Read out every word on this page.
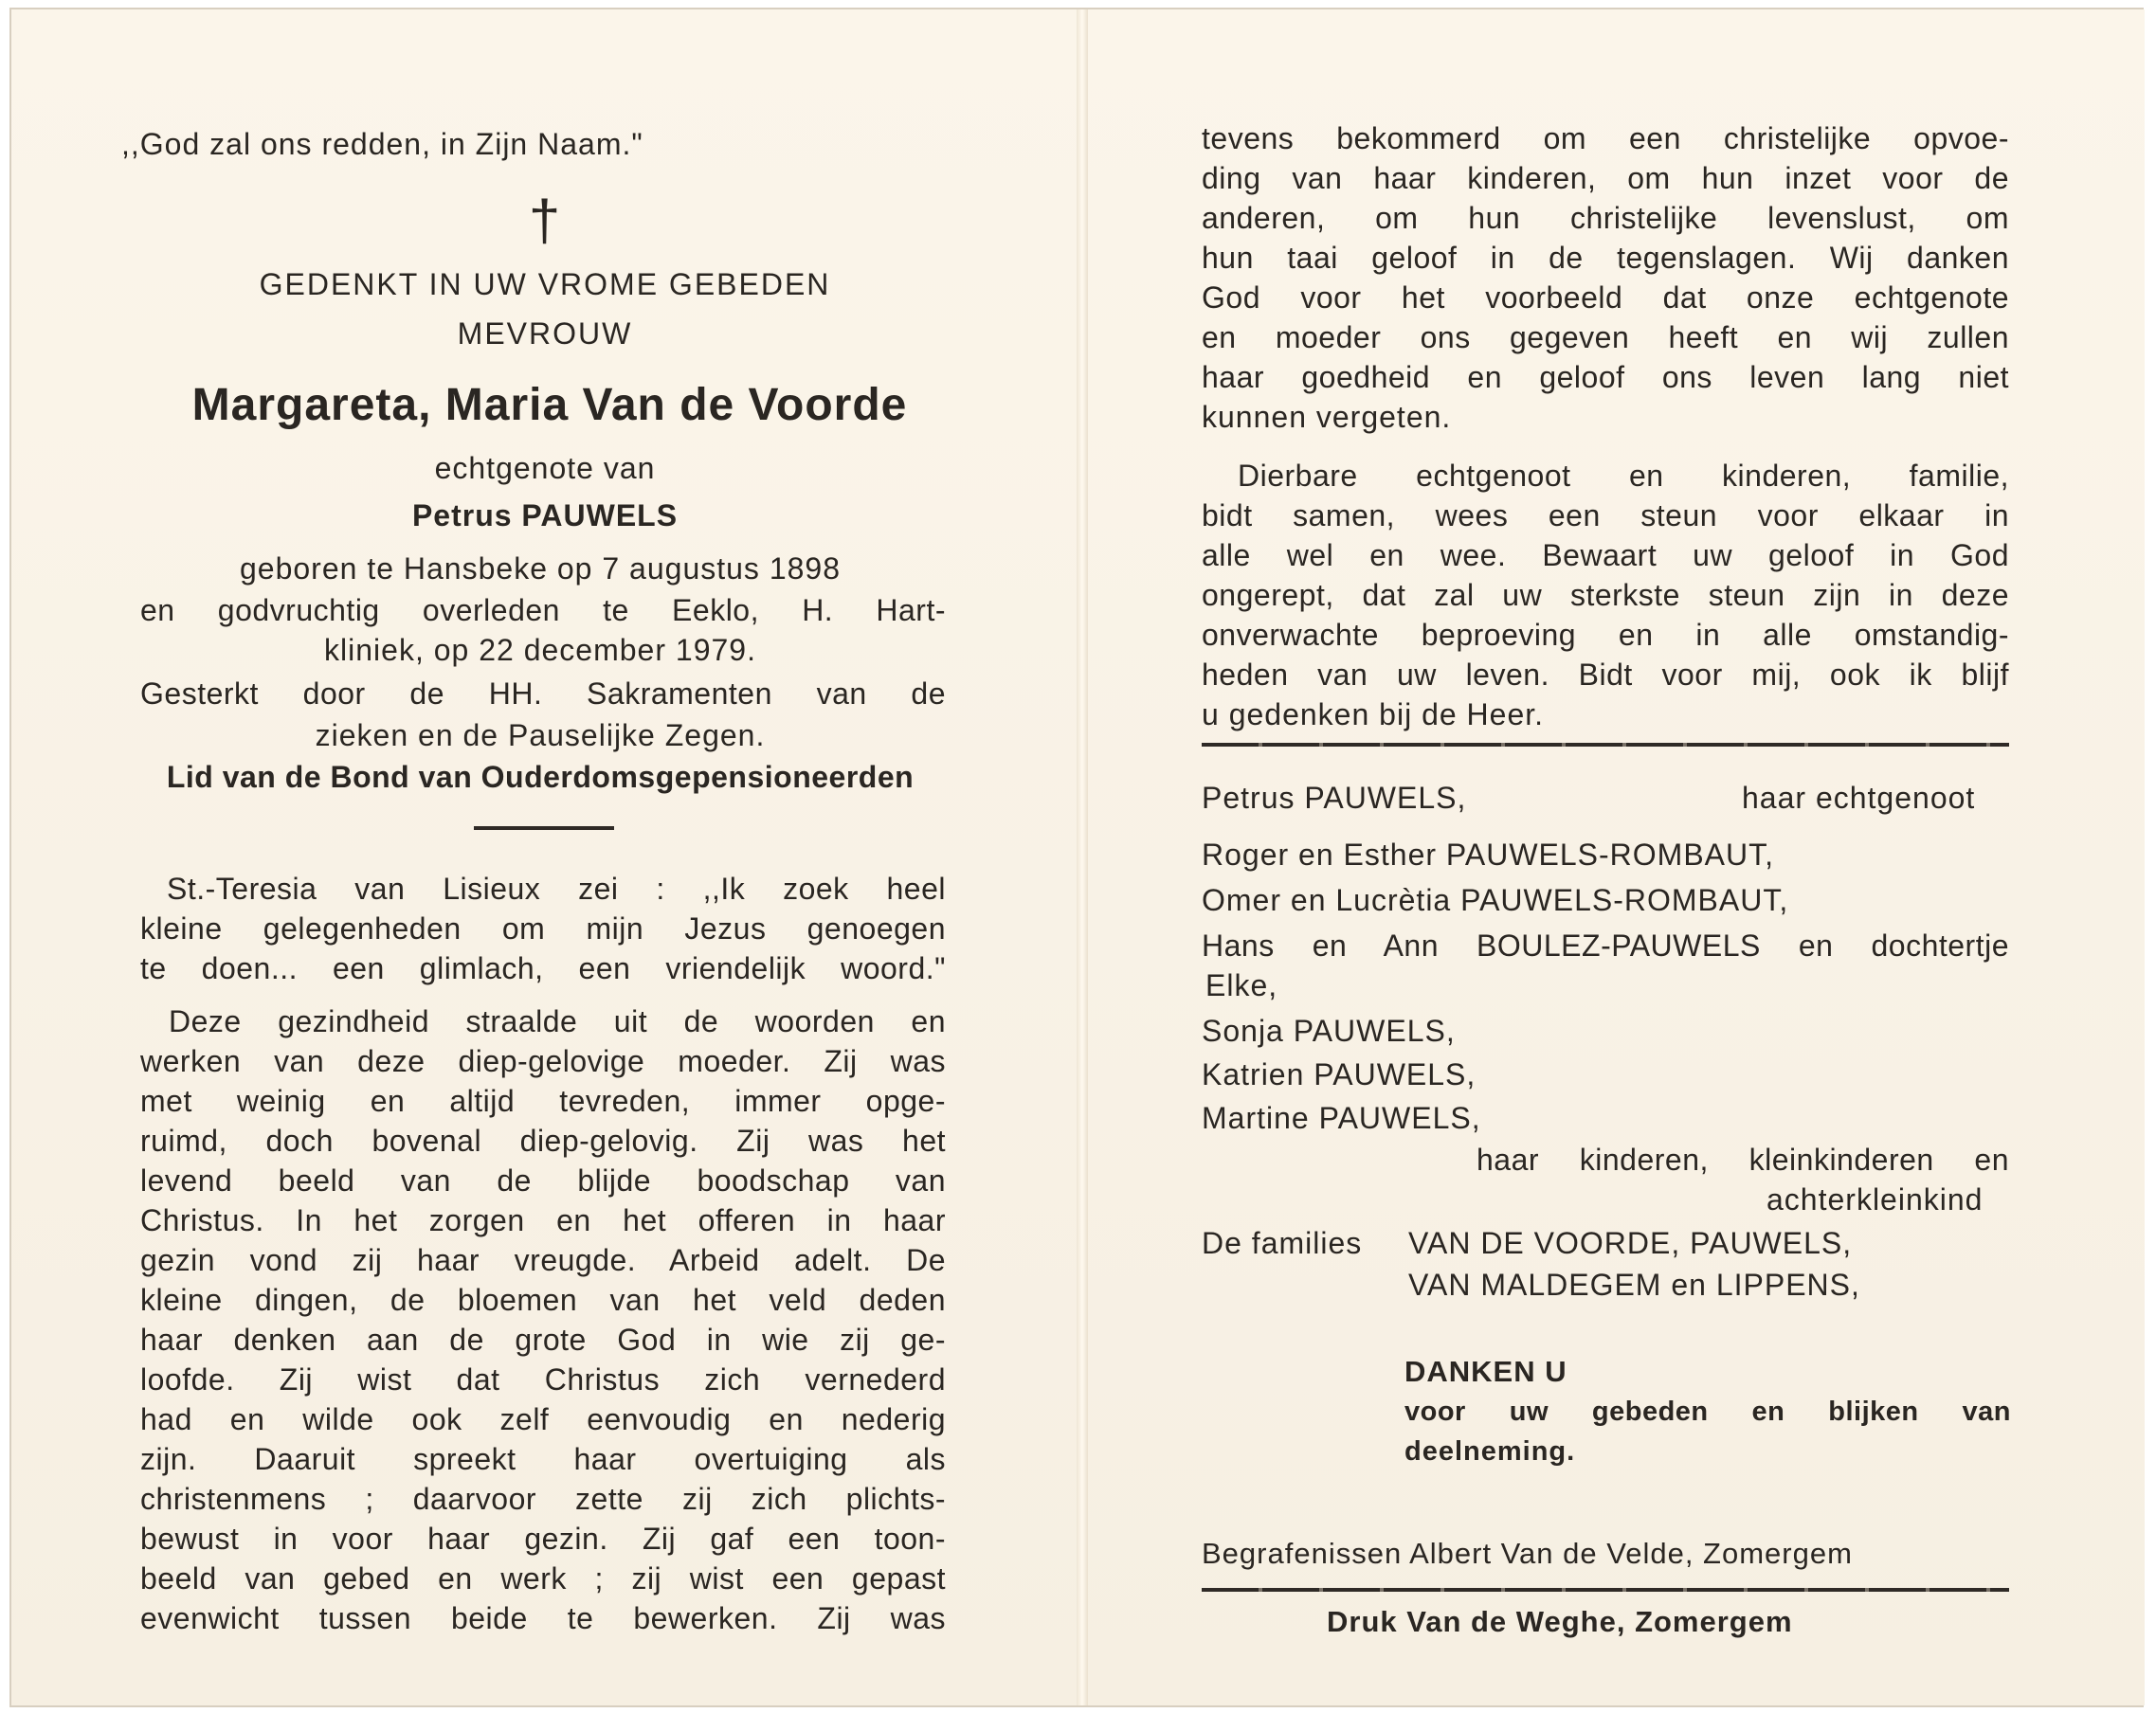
,,God zal ons redden, in Zijn Naam."
†
GEDENKT IN UW VROME GEBEDEN
MEVROUW
Margareta, Maria Van de Voorde
echtgenote van
Petrus PAUWELS
geboren te Hansbeke op 7 augustus 1898
en godvruchtig overleden te Eeklo, H. Hart-
kliniek, op 22 december 1979.
Gesterkt door de HH. Sakramenten van de
zieken en de Pauselijke Zegen.
Lid van de Bond van Ouderdomsgepensioneerden
St.-Teresia van Lisieux zei : ,,Ik zoek heel
kleine gelegenheden om mijn Jezus genoegen
te doen... een glimlach, een vriendelijk woord."
Deze gezindheid straalde uit de woorden en
werken van deze diep-gelovige moeder. Zij was
met weinig en altijd tevreden, immer opge-
ruimd, doch bovenal diep-gelovig. Zij was het
levend beeld van de blijde boodschap van
Christus. In het zorgen en het offeren in haar
gezin vond zij haar vreugde. Arbeid adelt. De
kleine dingen, de bloemen van het veld deden
haar denken aan de grote God in wie zij ge-
loofde. Zij wist dat Christus zich vernederd
had en wilde ook zelf eenvoudig en nederig
zijn. Daaruit spreekt haar overtuiging als
christenmens ; daarvoor zette zij zich plichts-
bewust in voor haar gezin. Zij gaf een toon-
beeld van gebed en werk ; zij wist een gepast
evenwicht tussen beide te bewerken. Zij was
tevens bekommerd om een christelijke opvoe-
ding van haar kinderen, om hun inzet voor de
anderen, om hun christelijke levenslust, om
hun taai geloof in de tegenslagen. Wij danken
God voor het voorbeeld dat onze echtgenote
en moeder ons gegeven heeft en wij zullen
haar goedheid en geloof ons leven lang niet
kunnen vergeten.
Dierbare echtgenoot en kinderen, familie,
bidt samen, wees een steun voor elkaar in
alle wel en wee. Bewaart uw geloof in God
ongerept, dat zal uw sterkste steun zijn in deze
onverwachte beproeving en in alle omstandig-
heden van uw leven. Bidt voor mij, ook ik blijf
u gedenken bij de Heer.
Petrus PAUWELS,	haar echtgenoot
Roger en Esther PAUWELS-ROMBAUT,
Omer en Lucrètia PAUWELS-ROMBAUT,
Hans en Ann BOULEZ-PAUWELS en dochtertje
Elke,
Sonja PAUWELS,
Katrien PAUWELS,
Martine PAUWELS,
haar kinderen, kleinkinderen en
achterkleinkind
De families VAN DE VOORDE, PAUWELS,
VAN MALDEGEM en LIPPENS,
DANKEN U
voor uw gebeden en blijken van
deelneming.
Begrafenissen Albert Van de Velde, Zomergem
Druk Van de Weghe, Zomergem
